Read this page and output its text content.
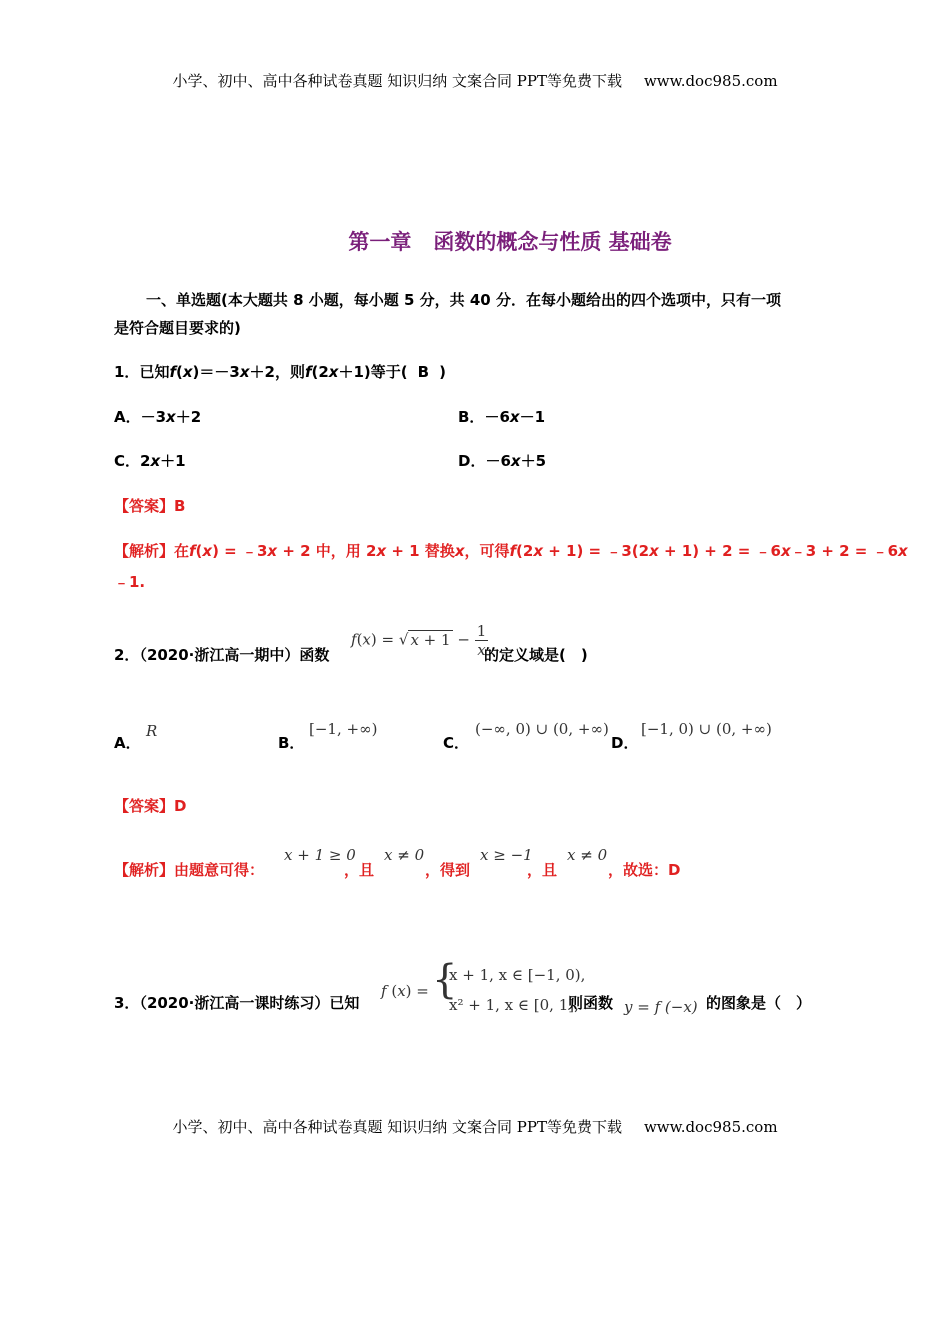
小学、初中、高中各种试卷真题 知识归纳 文案合同 PPT等免费下载 www.doc985.com
第一章 函数的概念与性质 基础卷
一、单选题(本大题共 8 小题，每小题 5 分，共 40 分．在每小题给出的四个选项中，只有一项
是符合题目要求的)
1．已知f(x)＝－3x＋2，则f(2x＋1)等于( B )
A．－3x＋2	B．－6x－1
C．2x＋1	D．－6x＋5
【答案】B
【解析】在f(x) = ﹣3x + 2 中，用 2x + 1 替换x，可得f(2x + 1) = ﹣3(2x + 1) + 2 = ﹣6x﹣3 + 2 = ﹣6x
﹣1.
2．（2020·浙江高一期中）函数
f(x) = √ $x + 1 - \frac{1}{x}$
的定义域是(　)
A．
R
B．
[−1, +∞)
C．
(−∞, 0) ∪ (0, +∞)
D．
[−1, 0) ∪ (0, +∞)
【答案】D
【解析】由题意可得：
x + 1 ≥ 0
，且
x ≠ 0
，得到
x ≥ −1
，且
x ≠ 0
，故选：D
3．（2020·浙江高一课时练习）已知
f (x) = {
x + 1, x ∈ [−1, 0),
x² + 1, x ∈ [0, 1],
则函数 y = f (−x) 的图象是（　）
小学、初中、高中各种试卷真题 知识归纳 文案合同 PPT等免费下载 www.doc985.com
